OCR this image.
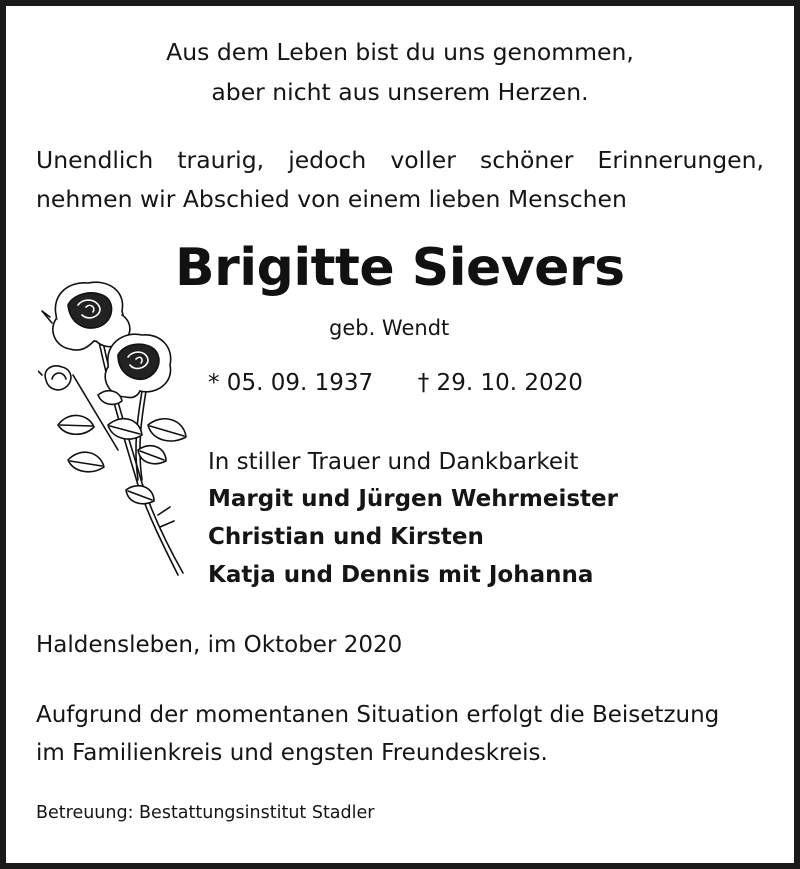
Aus dem Leben bist du uns genommen,
aber nicht aus unserem Herzen.
Unendlich traurig, jedoch voller schöner Erinnerungen,
nehmen wir Abschied von einem lieben Menschen
Brigitte Sievers
geb. Wendt
* 05. 09. 1937 † 29. 10. 2020
In stiller Trauer und Dankbarkeit
Margit und Jürgen Wehrmeister
Christian und Kirsten
Katja und Dennis mit Johanna
Haldensleben, im Oktober 2020
Aufgrund der momentanen Situation erfolgt die Beisetzung
im Familienkreis und engsten Freundeskreis.
Betreuung: Bestattungsinstitut Stadler
